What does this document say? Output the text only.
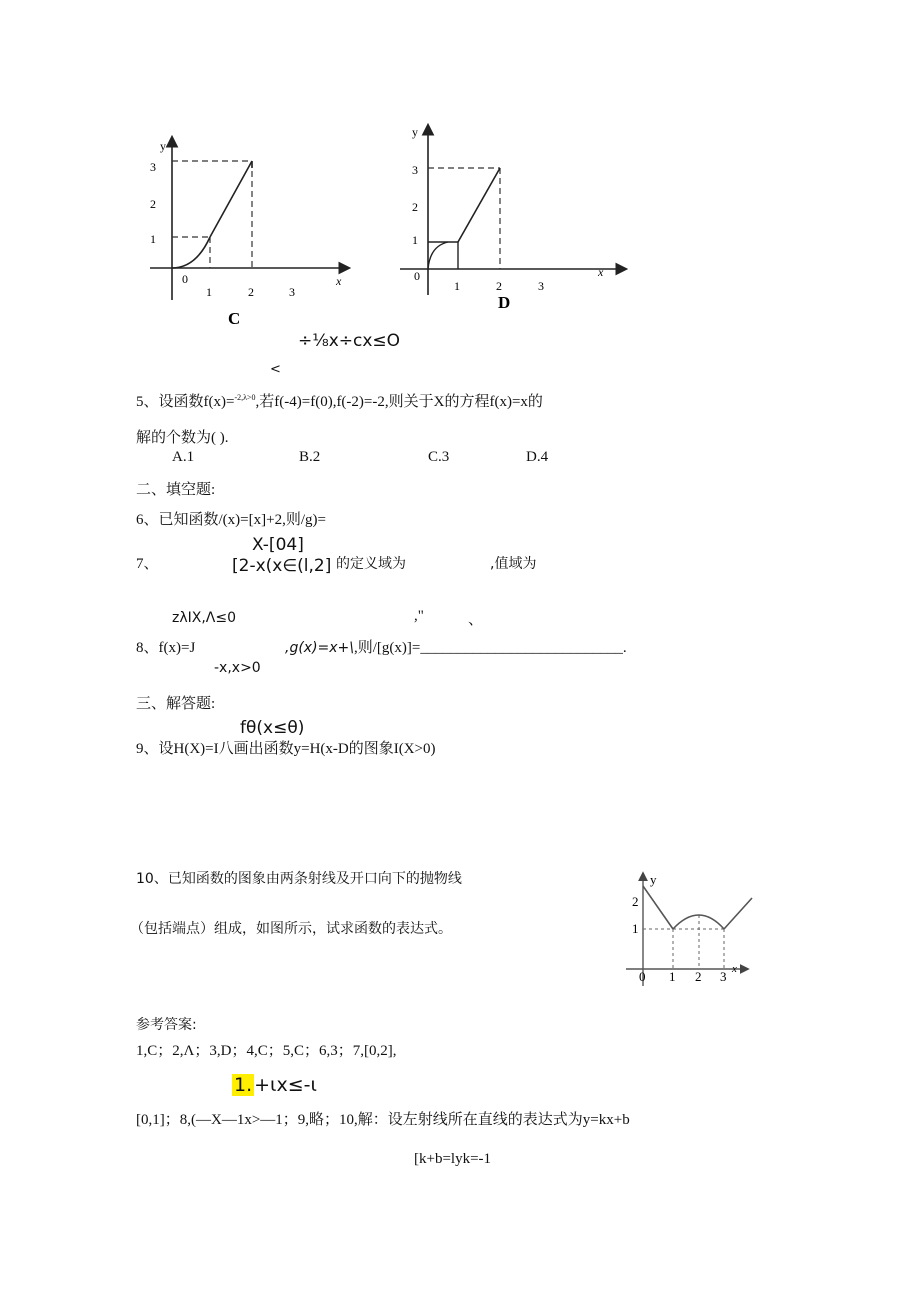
y
x
0
1	2	3
1
2
3
C
y
x
0
1	2	3
1
2
3
D
÷⅛x÷cx≤O
<
5、设函数f(x)=$^{-2,\lambda>0}$,若f(-4)=f(0),f(-2)=-2,则关于X的方程f(x)=x的
解的个数为( ).
A.1	B.2	C.3	D.4
二、填空题:
6、已知函数/(x)=[x]+2,则/g)=
X-[04]
7、	[2-x(x∈(l,2] 的定义域为	,值域为
zλIX,Λ≤0	,"	、
8、f(x)=J	,g(x)=x+\,则/[g(x)]=___________________________.
-x,x>0
三、解答题:
fθ(x≤θ)
9、设H(X)=I八画出函数y=H(x-D的图象I(X>0)
10、已知函数的图象由两条射线及开口向下的抛物线
（包括端点）组成，如图所示，试求函数的表达式。
y
x
0 1 2 3
1
2
参考答案:
1,C；2,Λ；3,D；4,C；5,C；6,3；7,[0,2],
1. +ιx≤-ι
[0,1]；8,(—X—1x>—1；9,略；10,解：设左射线所在直线的表达式为y=kx+b
[k+b=lyk=-1
